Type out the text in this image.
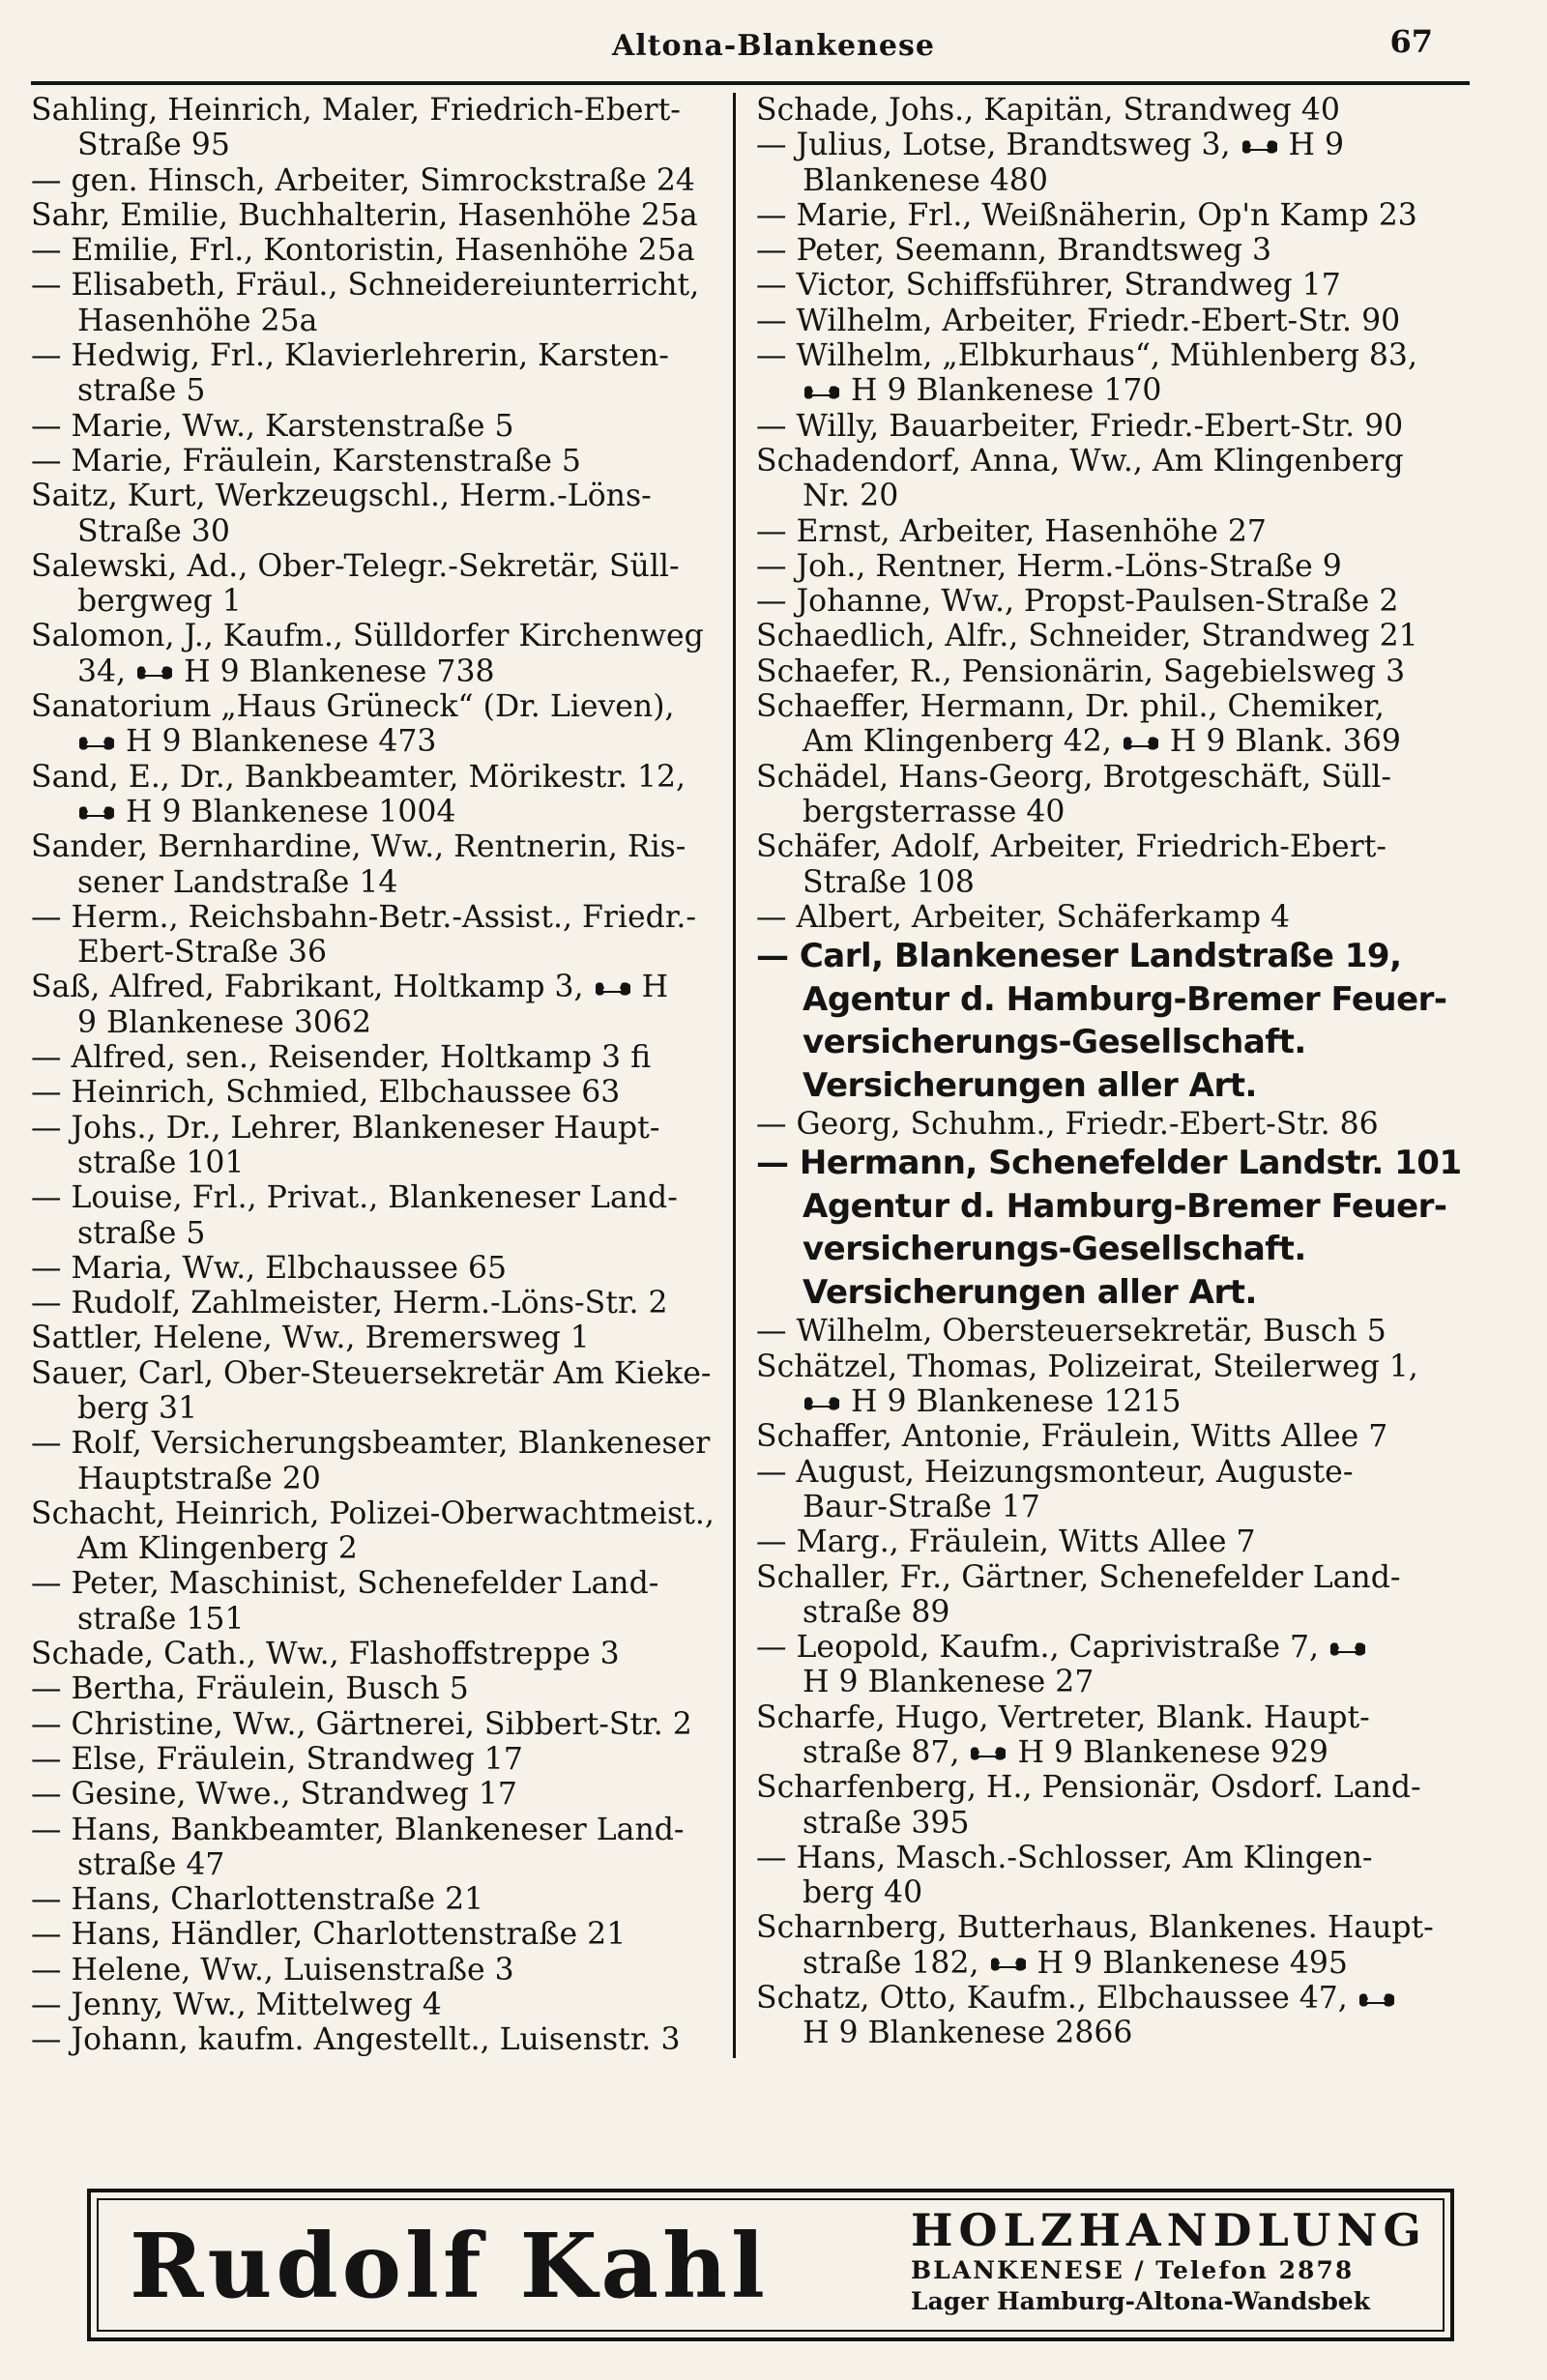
Altona-Blankenese	67
Sahling, Heinrich, Maler, Friedrich-Ebert-
Straße 95
— gen. Hinsch, Arbeiter, Simrockstraße 24
Sahr, Emilie, Buchhalterin, Hasenhöhe 25a
— Emilie, Frl., Kontoristin, Hasenhöhe 25a
— Elisabeth, Fräul., Schneidereiunterricht,
Hasenhöhe 25a
— Hedwig, Frl., Klavierlehrerin, Karsten-
straße 5
— Marie, Ww., Karstenstraße 5
— Marie, Fräulein, Karstenstraße 5
Saitz, Kurt, Werkzeugschl., Herm.-Löns-
Straße 30
Salewski, Ad., Ober-Telegr.-Sekretär, Süll-
bergweg 1
Salomon, J., Kaufm., Sülldorfer Kirchenweg
34,  H 9 Blankenese 738
Sanatorium „Haus Grüneck“ (Dr. Lieven),
H 9 Blankenese 473
Sand, E., Dr., Bankbeamter, Mörikestr. 12,
H 9 Blankenese 1004
Sander, Bernhardine, Ww., Rentnerin, Ris-
sener Landstraße 14
— Herm., Reichsbahn-Betr.-Assist., Friedr.-
Ebert-Straße 36
Saß, Alfred, Fabrikant, Holtkamp 3,  H
9 Blankenese 3062
— Alfred, sen., Reisender, Holtkamp 3 fi
— Heinrich, Schmied, Elbchaussee 63
— Johs., Dr., Lehrer, Blankeneser Haupt-
straße 101
— Louise, Frl., Privat., Blankeneser Land-
straße 5
— Maria, Ww., Elbchaussee 65
— Rudolf, Zahlmeister, Herm.-Löns-Str. 2
Sattler, Helene, Ww., Bremersweg 1
Sauer, Carl, Ober-Steuersekretär Am Kieke-
berg 31
— Rolf, Versicherungsbeamter, Blankeneser
Hauptstraße 20
Schacht, Heinrich, Polizei-Oberwachtmeist.,
Am Klingenberg 2
— Peter, Maschinist, Schenefelder Land-
straße 151
Schade, Cath., Ww., Flashoffstreppe 3
— Bertha, Fräulein, Busch 5
— Christine, Ww., Gärtnerei, Sibbert-Str. 2
— Else, Fräulein, Strandweg 17
— Gesine, Wwe., Strandweg 17
— Hans, Bankbeamter, Blankeneser Land-
straße 47
— Hans, Charlottenstraße 21
— Hans, Händler, Charlottenstraße 21
— Helene, Ww., Luisenstraße 3
— Jenny, Ww., Mittelweg 4
— Johann, kaufm. Angestellt., Luisenstr. 3
Schade, Johs., Kapitän, Strandweg 40
— Julius, Lotse, Brandtsweg 3,  H 9
Blankenese 480
— Marie, Frl., Weißnäherin, Op'n Kamp 23
— Peter, Seemann, Brandtsweg 3
— Victor, Schiffsführer, Strandweg 17
— Wilhelm, Arbeiter, Friedr.-Ebert-Str. 90
— Wilhelm, „Elbkurhaus“, Mühlenberg 83,
H 9 Blankenese 170
— Willy, Bauarbeiter, Friedr.-Ebert-Str. 90
Schadendorf, Anna, Ww., Am Klingenberg
Nr. 20
— Ernst, Arbeiter, Hasenhöhe 27
— Joh., Rentner, Herm.-Löns-Straße 9
— Johanne, Ww., Propst-Paulsen-Straße 2
Schaedlich, Alfr., Schneider, Strandweg 21
Schaefer, R., Pensionärin, Sagebielsweg 3
Schaeffer, Hermann, Dr. phil., Chemiker,
Am Klingenberg 42,  H 9 Blank. 369
Schädel, Hans-Georg, Brotgeschäft, Süll-
bergsterrasse 40
Schäfer, Adolf, Arbeiter, Friedrich-Ebert-
Straße 108
— Albert, Arbeiter, Schäferkamp 4
— Carl, Blankeneser Landstraße 19,
Agentur d. Hamburg-Bremer Feuer-
versicherungs-Gesellschaft.
Versicherungen aller Art.
— Georg, Schuhm., Friedr.-Ebert-Str. 86
— Hermann, Schenefelder Landstr. 101
Agentur d. Hamburg-Bremer Feuer-
versicherungs-Gesellschaft.
Versicherungen aller Art.
— Wilhelm, Obersteuersekretär, Busch 5
Schätzel, Thomas, Polizeirat, Steilerweg 1,
H 9 Blankenese 1215
Schaffer, Antonie, Fräulein, Witts Allee 7
— August, Heizungsmonteur, Auguste-
Baur-Straße 17
— Marg., Fräulein, Witts Allee 7
Schaller, Fr., Gärtner, Schenefelder Land-
straße 89
— Leopold, Kaufm., Caprivistraße 7,
H 9 Blankenese 27
Scharfe, Hugo, Vertreter, Blank. Haupt-
straße 87,  H 9 Blankenese 929
Scharfenberg, H., Pensionär, Osdorf. Land-
straße 395
— Hans, Masch.-Schlosser, Am Klingen-
berg 40
Scharnberg, Butterhaus, Blankenes. Haupt-
straße 182,  H 9 Blankenese 495
Schatz, Otto, Kaufm., Elbchaussee 47,
H 9 Blankenese 2866
Rudolf Kahl	HOLZHANDLUNG
BLANKENESE / Telefon 2878
Lager Hamburg-Altona-Wandsbek
